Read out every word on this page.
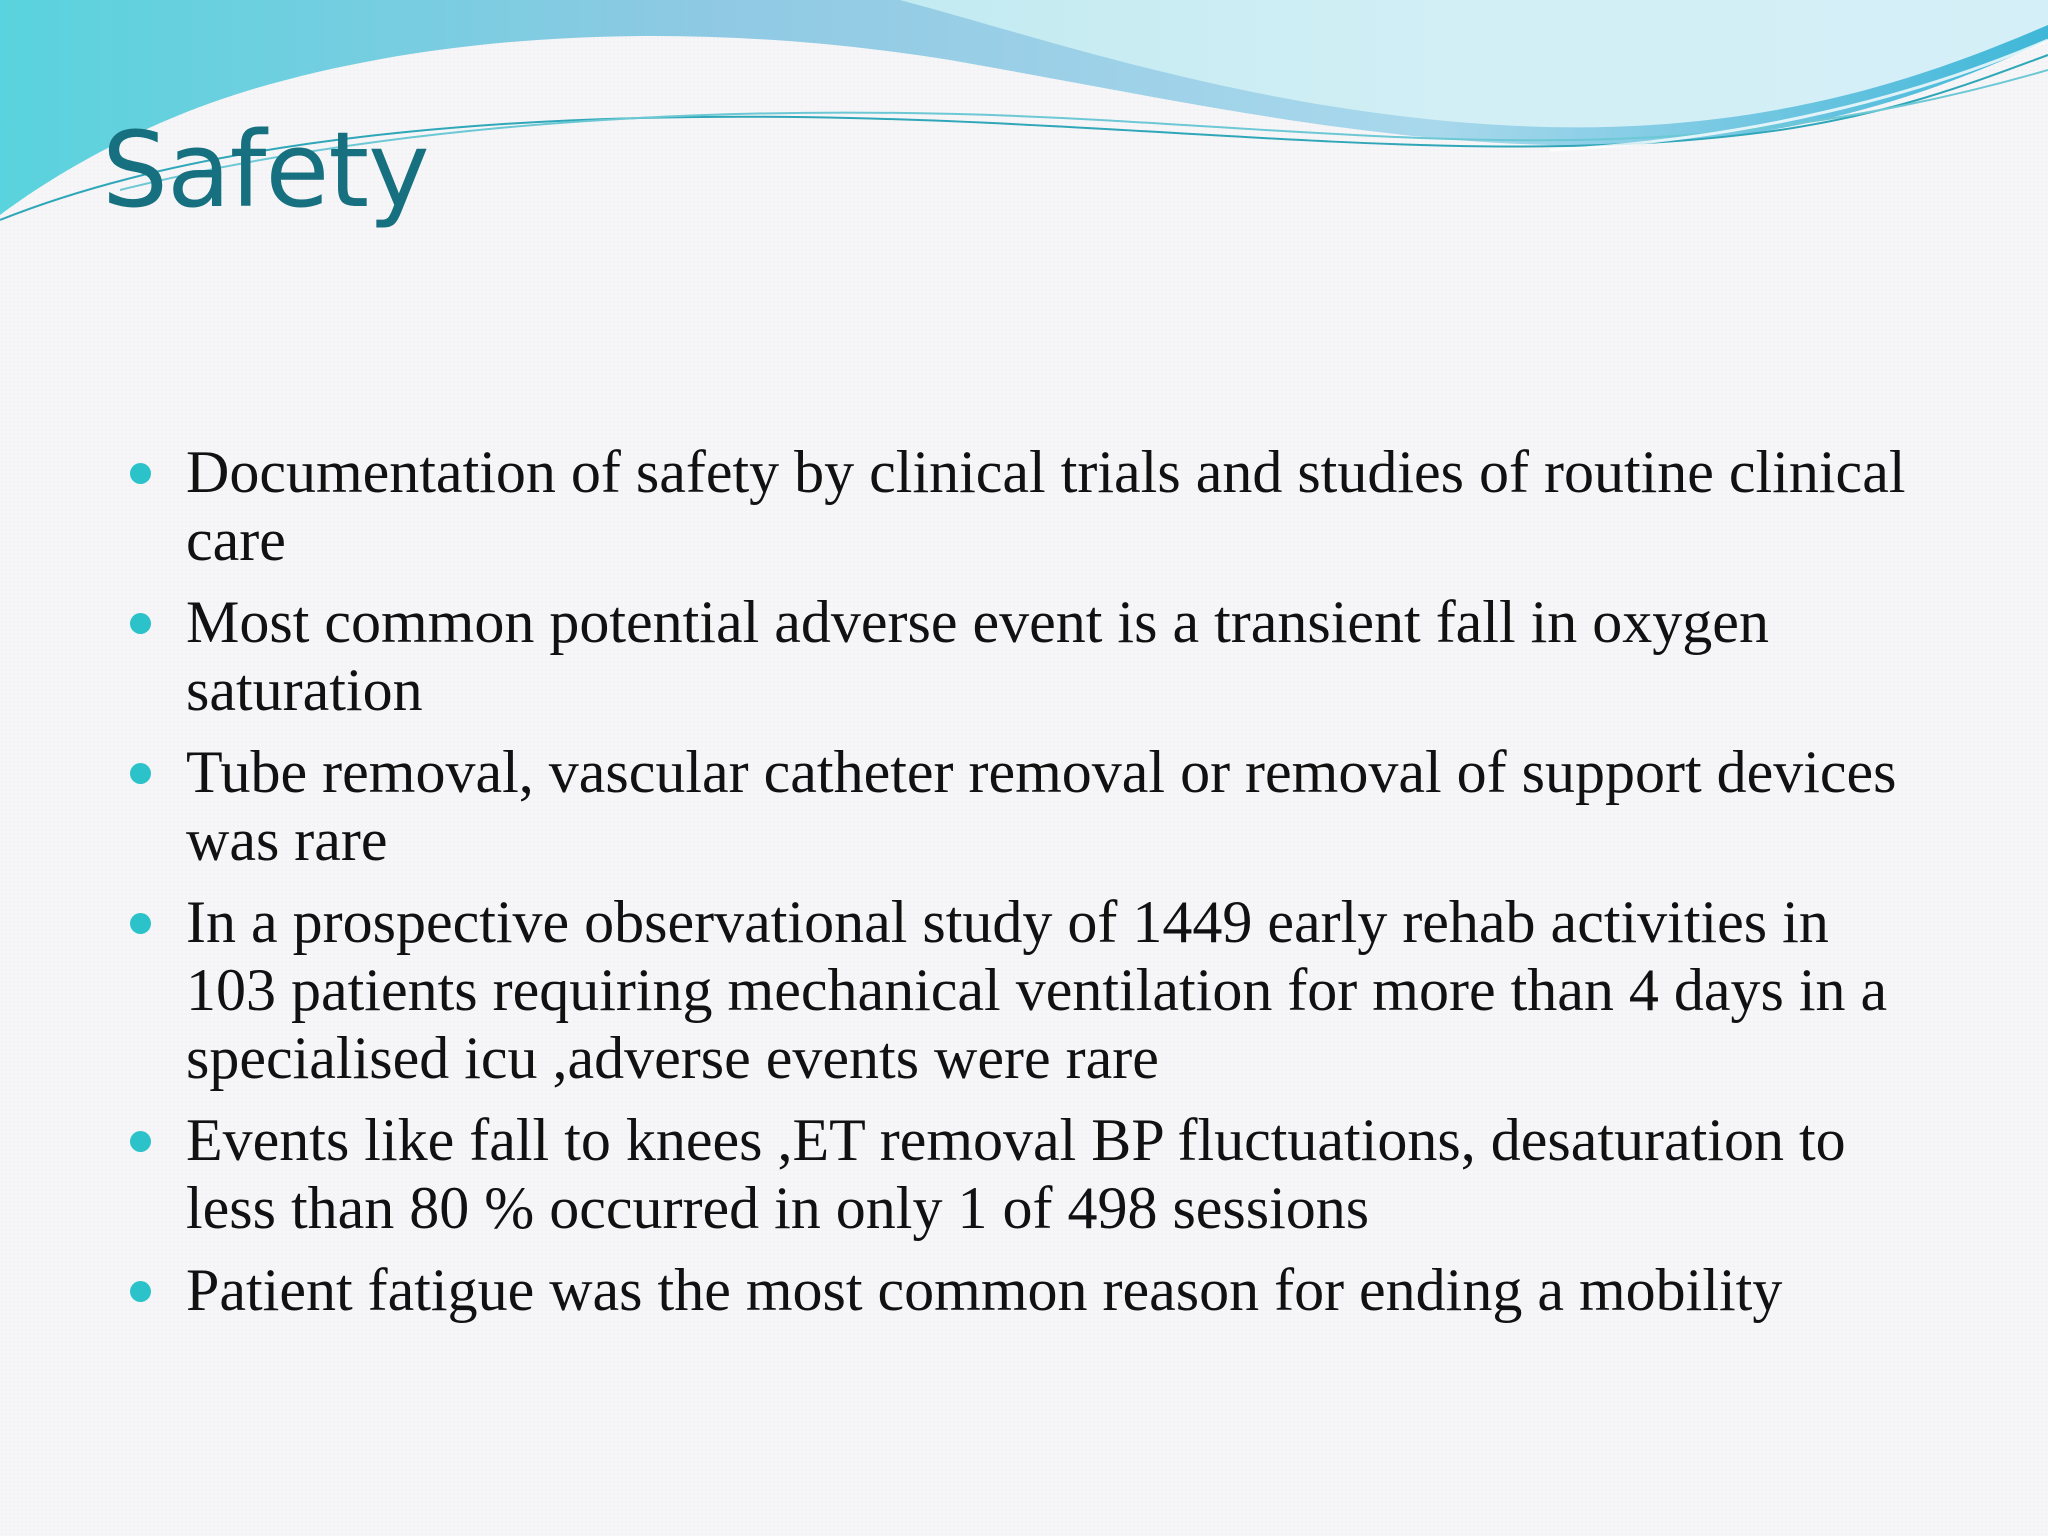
Safety
Documentation of safety by clinical trials and studies of routine clinical care
Most common potential adverse event is a transient fall in oxygen saturation
Tube removal, vascular catheter removal or removal of support devices was rare
In a prospective observational study of 1449 early rehab activities in 103 patients requiring mechanical ventilation for more than 4 days in a specialised icu ,adverse events were rare
Events like fall to knees ,ET removal BP fluctuations, desaturation to less than 80 % occurred in only 1 of 498 sessions
Patient fatigue was the most common reason for ending a mobility
